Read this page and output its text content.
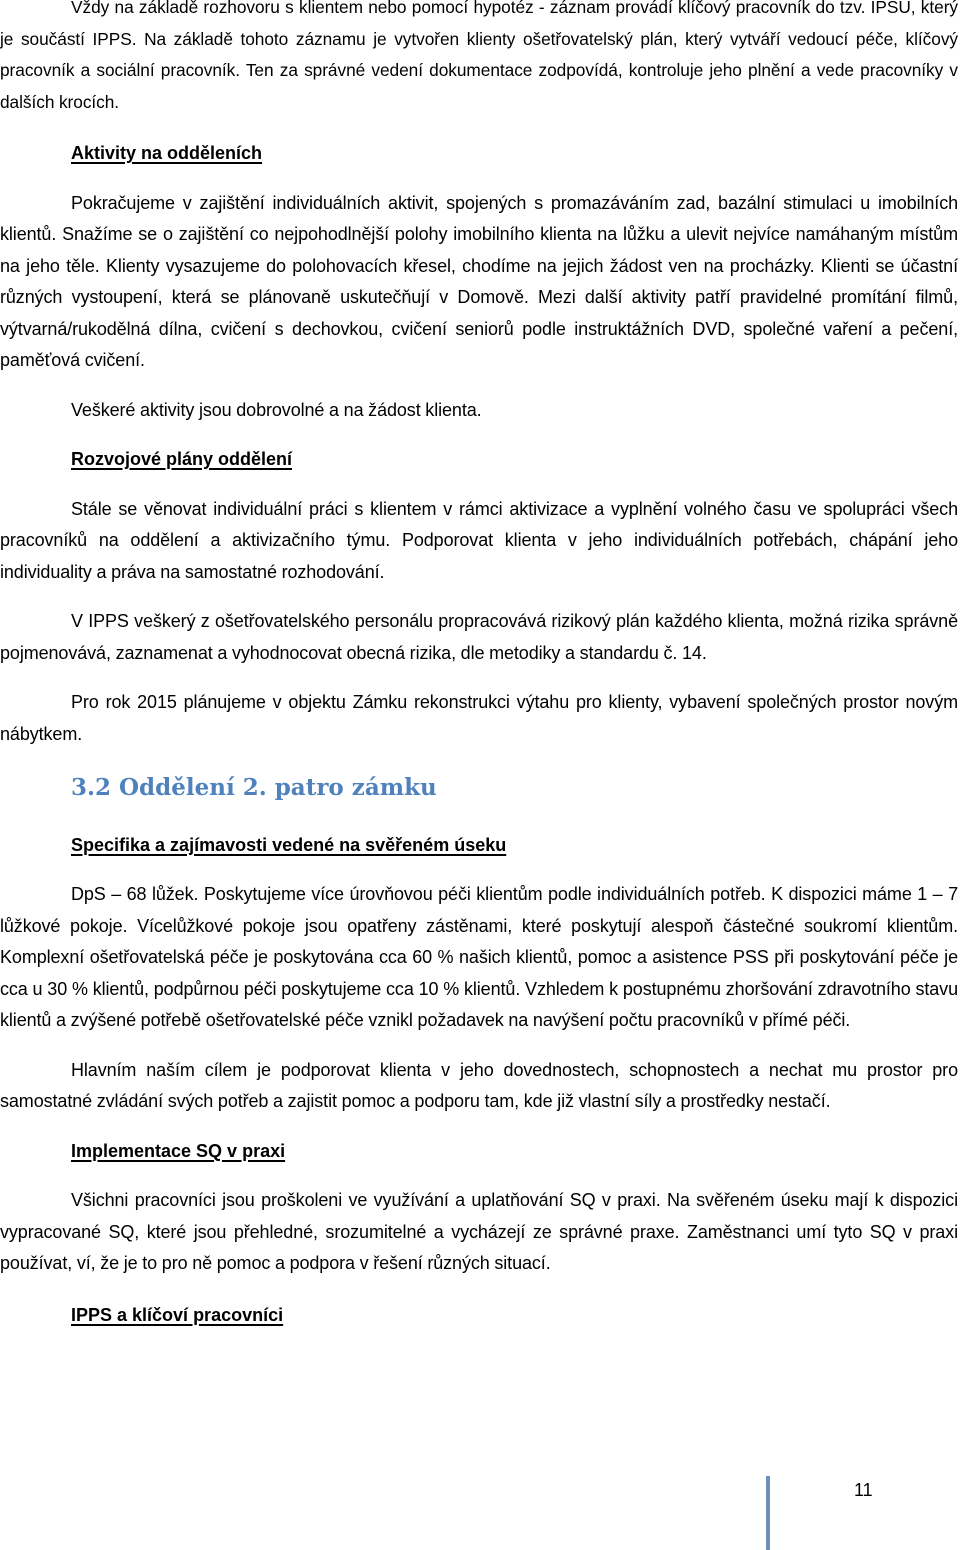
Vždy na základě rozhovoru s klientem nebo pomocí hypotéz - záznam provádí klíčový pracovník do tzv. IPSU, který je součástí IPPS. Na základě tohoto záznamu je vytvořen klienty ošetřovatelský plán, který vytváří vedoucí péče, klíčový pracovník a sociální pracovník. Ten za správné vedení dokumentace zodpovídá, kontroluje jeho plnění a vede pracovníky v dalších krocích.

Aktivity na odděleních

Pokračujeme v zajištění individuálních aktivit, spojených s promazáváním zad, bazální stimulaci u imobilních klientů. Snažíme se o zajištění co nejpohodlnější polohy imobilního klienta na lůžku a ulevit nejvíce namáhaným místům na jeho těle. Klienty vysazujeme do polohovacích křesel, chodíme na jejich žádost ven na procházky. Klienti se účastní různých vystoupení, která se plánovaně uskutečňují v Domově. Mezi další aktivity patří pravidelné promítání filmů, výtvarná/rukodělná dílna, cvičení s dechovkou, cvičení seniorů podle instruktážních DVD, společné vaření a pečení, paměťová cvičení.

Veškeré aktivity jsou dobrovolné a na žádost klienta.

Rozvojové plány oddělení

Stále se věnovat individuální práci s klientem v rámci aktivizace a vyplnění volného času ve spolupráci všech pracovníků na oddělení a aktivizačního týmu. Podporovat klienta v jeho individuálních potřebách, chápání jeho individuality a práva na samostatné rozhodování.

V IPPS veškerý z ošetřovatelského personálu propracovává rizikový plán každého klienta, možná rizika správně pojmenovává, zaznamenat a vyhodnocovat obecná rizika, dle metodiky a standardu č. 14.

Pro rok 2015 plánujeme v objektu Zámku rekonstrukci výtahu pro klienty, vybavení společných prostor novým nábytkem.

3.2 Oddělení 2. patro zámku
Specifika a zajímavosti vedené na svěřeném úseku

DpS – 68 lůžek. Poskytujeme více úrovňovou péči klientům podle individuálních potřeb. K dispozici máme 1 – 7 lůžkové pokoje. Vícelůžkové pokoje jsou opatřeny zástěnami, které poskytují alespoň částečné soukromí klientům. Komplexní ošetřovatelská péče je poskytována cca 60 % našich klientů, pomoc a asistence PSS při poskytování péče je cca u 30 % klientů, podpůrnou péči poskytujeme cca 10 % klientů. Vzhledem k postupnému zhoršování zdravotního stavu klientů a zvýšené potřebě ošetřovatelské péče vznikl požadavek na navýšení počtu pracovníků v přímé péči.

Hlavním naším cílem je podporovat klienta v jeho dovednostech, schopnostech a nechat mu prostor pro samostatné zvládání svých potřeb a zajistit pomoc a podporu tam, kde již vlastní síly a prostředky nestačí.

Implementace SQ v praxi

Všichni pracovníci jsou proškoleni ve využívání a uplatňování SQ v praxi. Na svěřeném úseku mají k dispozici vypracované SQ, které jsou přehledné, srozumitelné a vycházejí ze správné praxe. Zaměstnanci umí tyto SQ v praxi používat, ví, že je to pro ně pomoc a podpora v řešení různých situací.

IPPS a klíčoví pracovníci
11
